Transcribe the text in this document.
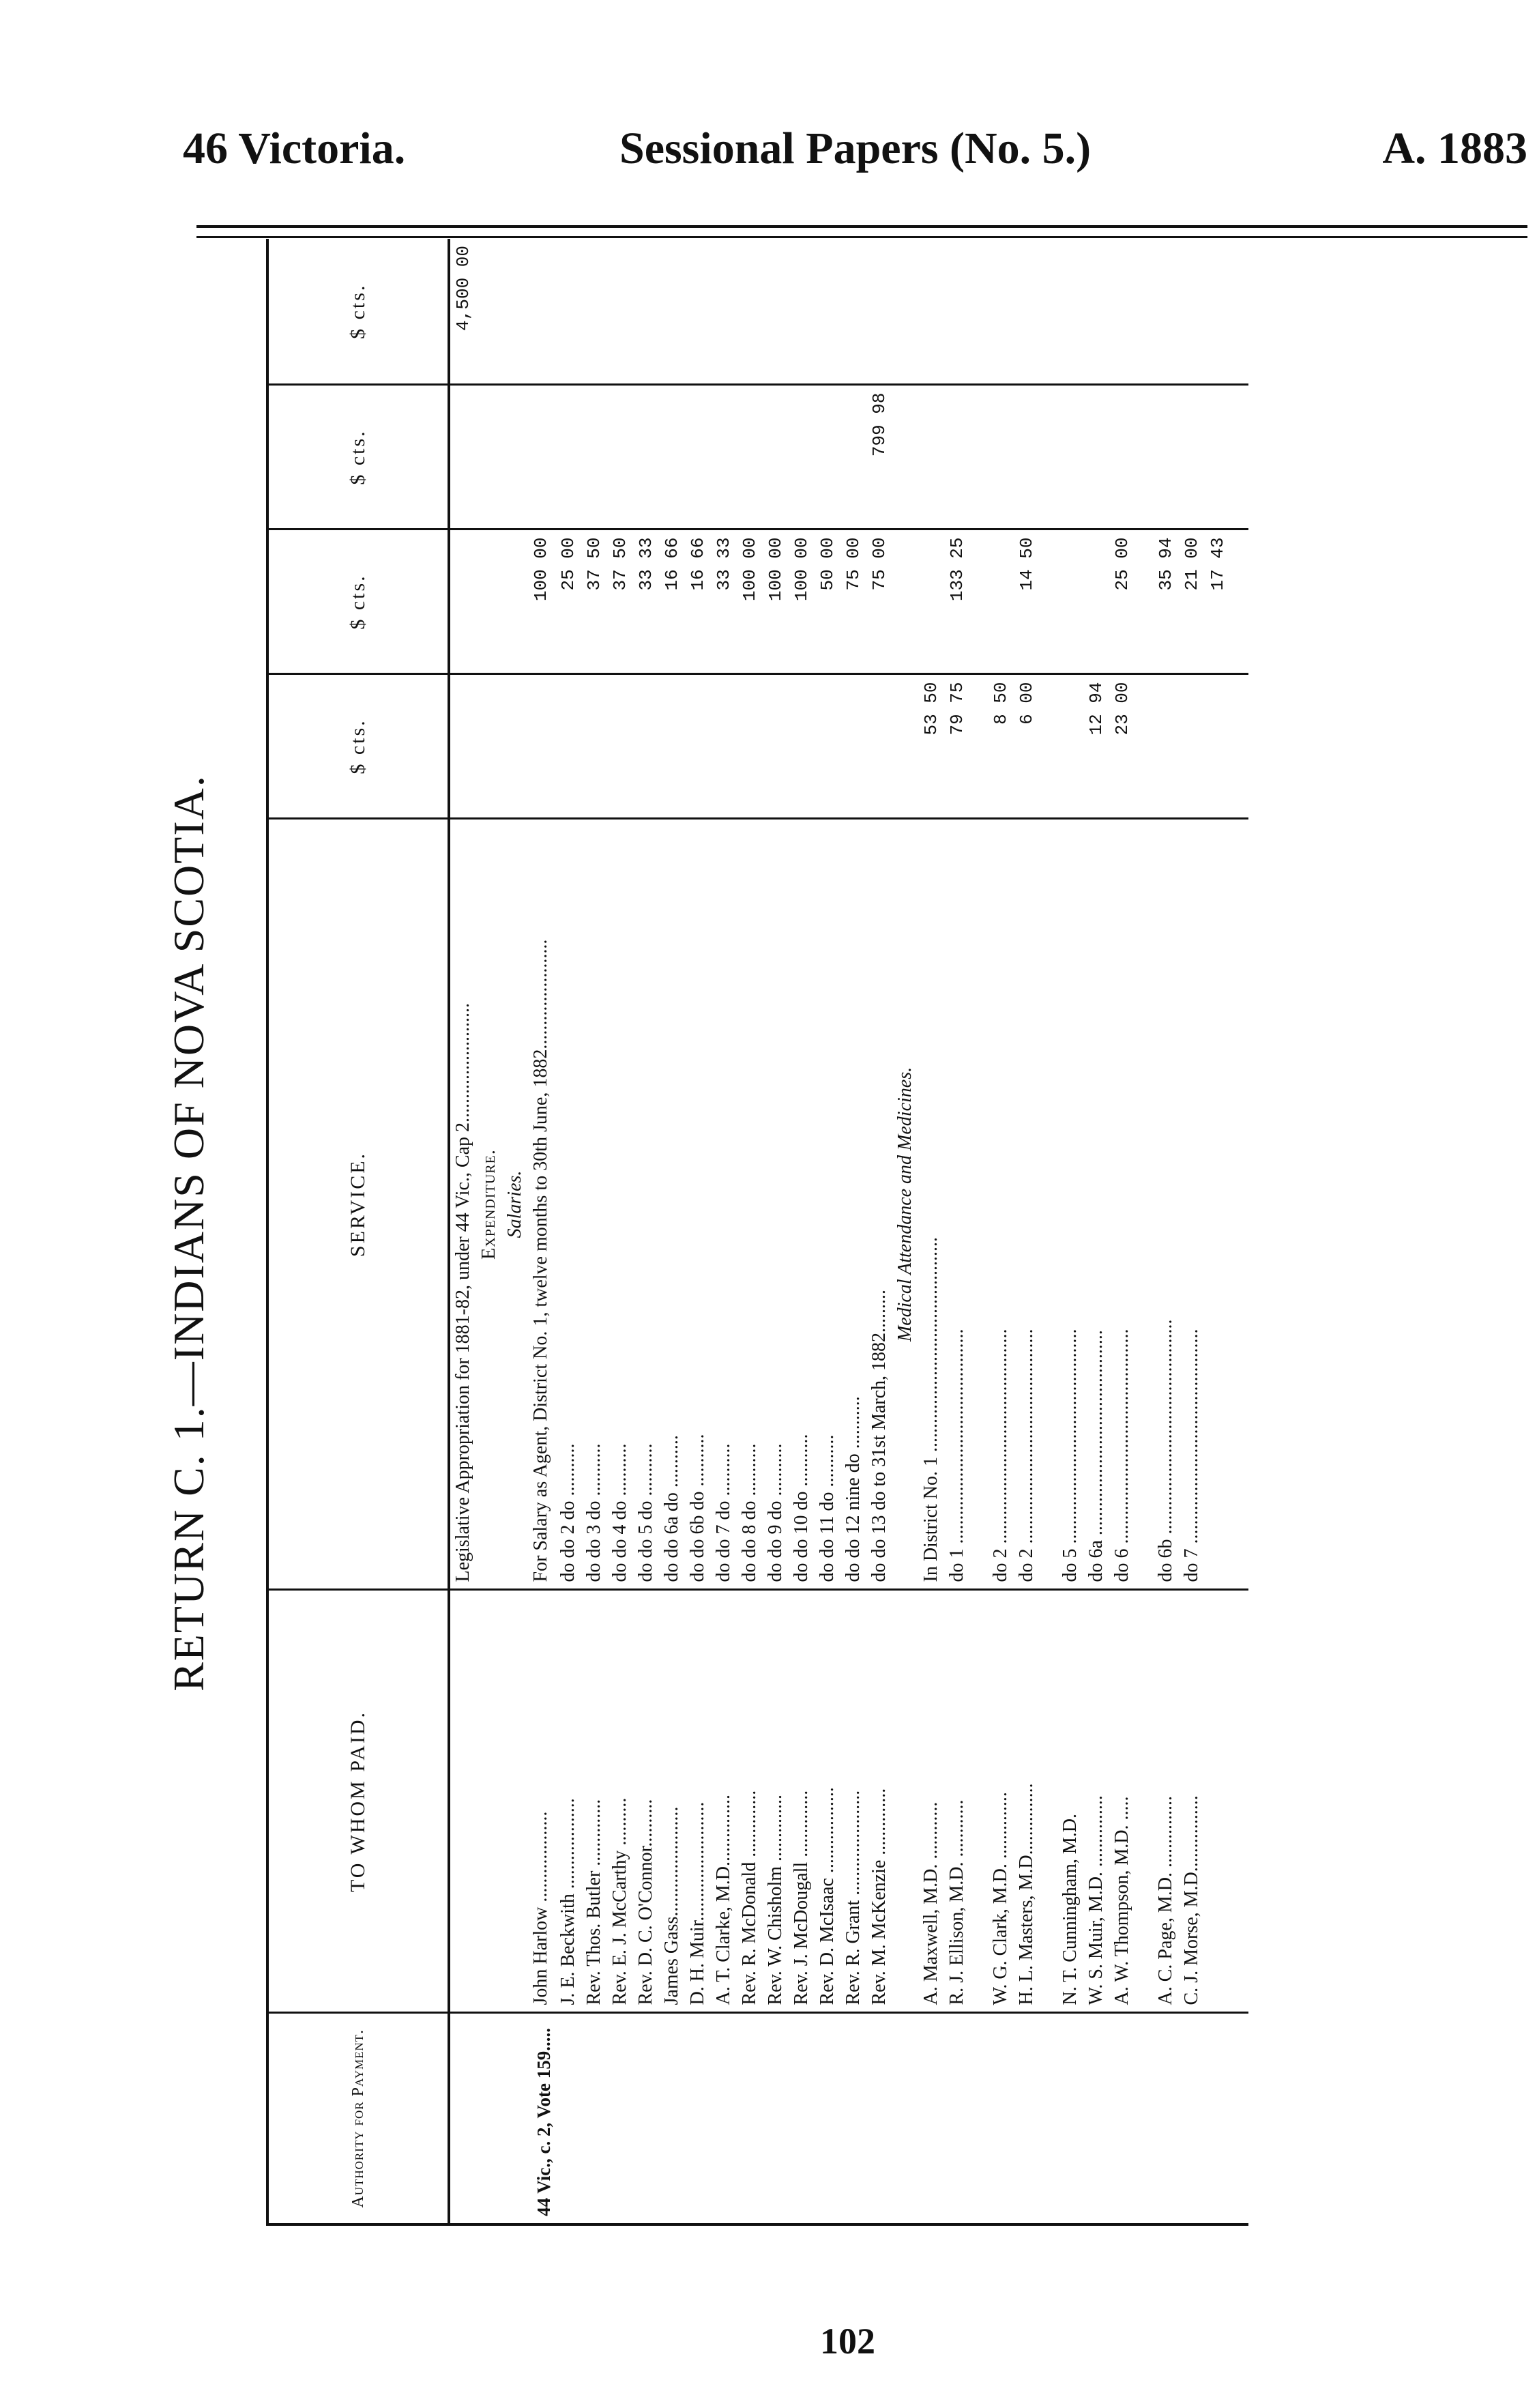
46 Victoria.	Sessional Papers (No. 5.)	A. 1883
RETURN C. 1.—INDIANS OF NOVA SCOTIA.
Authority for Payment.	TO WHOM PAID.	SERVICE.	$ cts.	$ cts.	$ cts.	$ cts.
		Legislative Appropriation for 1881-82, under 44 Vic., Cap 2.........................				4,500 00
		Expenditure.				
		Salaries.				

44 Vic., c. 2, Vote 159.....	John Harlow ...................	For Salary as Agent, District No. 1, twelve months to 30th June, 1882.......................		100 00		
	J. E. Beckwith ...................	do do 2 do ...........		25 00		
	Rev. Thos. Butler ..............	do do 3 do ...........		37 50		
	Rev. E. J. McCarthy ..........	do do 4 do ...........		37 50		
	Rev. D. C. O'Connor..........	do do 5 do ...........		33 33		
	James Gass.......................	do do 6a do ...........		16 66		
	D. H. Muir.........................	do do 6b do ...........		16 66		
	A. T. Clarke, M.D...............	do do 7 do ...........		33 33		
	Rev. R. McDonald ..............	do do 8 do ...........		100 00		
	Rev. W. Chisholm ..............	do do 9 do ...........		100 00		
	Rev. J. McDougall ..............	do do 10 do ...........		100 00		
	Rev. D. McIsaac ..................	do do 11 do ...........		50 00		
	Rev. R. Grant ......................	do do 12 nine do ...........		75 00		
	Rev. M. McKenzie ..............	do do 13 do to 31st March, 1882.........		75 00	799 98	
		Medical Attendance and Medicines.				
	A. Maxwell, M.D. ............	In District No. 1 .............................................	53 50			
	R. J. Ellison, M.D. ............	do 1 .............................................	79 75	133 25		

	W. G. Clark, M.D. ..............	do 2 .............................................	8 50			
	H. L. Masters, M.D...............	do 2 .............................................	6 00	14 50		

	N. T. Cunningham, M.D.	do 5 .............................................				
	W. S. Muir, M.D. ...............	do 6a ...........................................	12 94			
	A. W. Thompson, M.D. .....	do 6 .............................................	23 00	25 00		

	A. C. Page, M.D. ...............	do 6b .............................................		35 94		
	C. J. Morse, M.D................	do 7 .............................................		21 00		
				17 43		

102
